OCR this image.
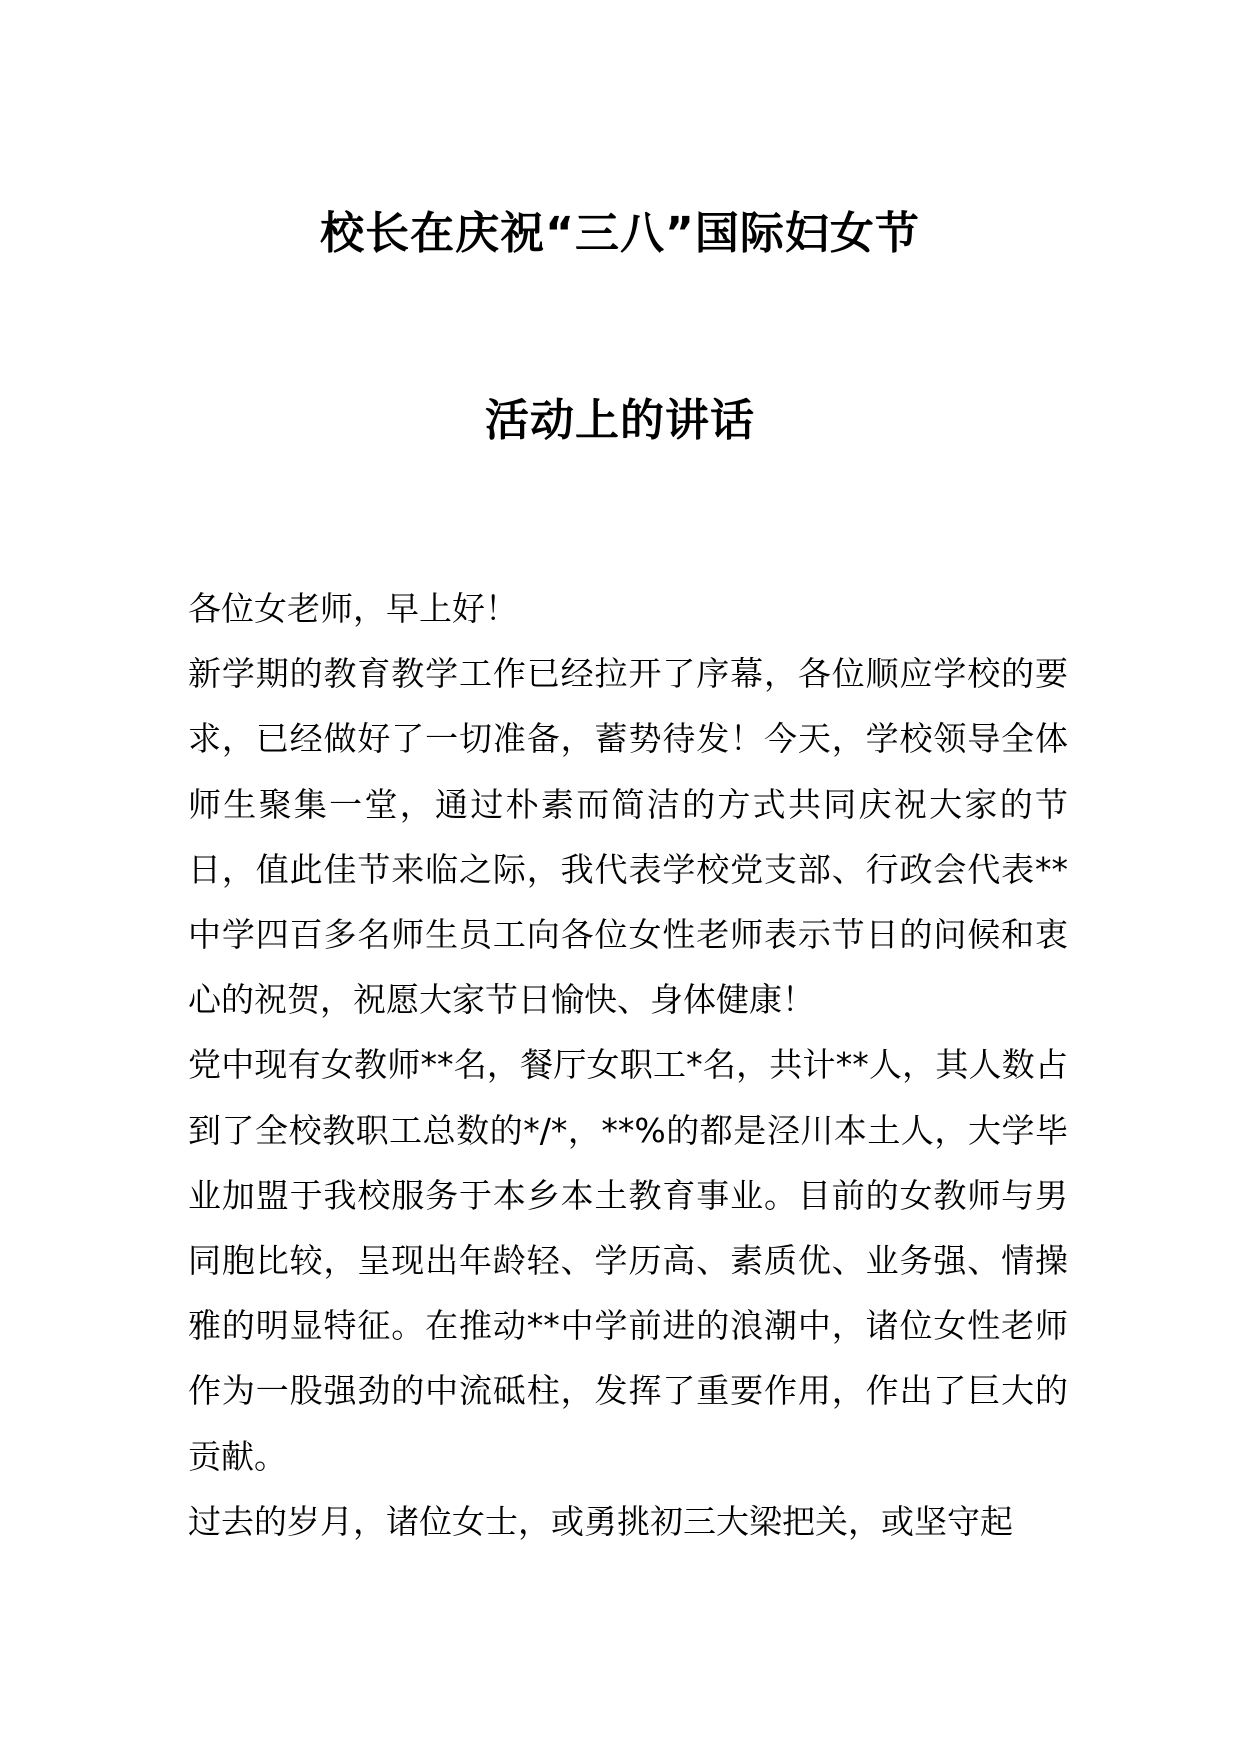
校长在庆祝“三八”国际妇女节
活动上的讲话

各位女老师，早上好！

新学期的教育教学工作已经拉开了序幕，各位顺应学校的要求，已经做好了一切准备，蓄势待发！今天，学校领导全体师生聚集一堂，通过朴素而简洁的方式共同庆祝大家的节日，值此佳节来临之际，我代表学校党支部、行政会代表**中学四百多名师生员工向各位女性老师表示节日的问候和衷心的祝贺，祝愿大家节日愉快、身体健康！

党中现有女教师**名，餐厅女职工*名，共计**人，其人数占到了全校教职工总数的*/*，**%的都是泾川本土人，大学毕业加盟于我校服务于本乡本土教育事业。目前的女教师与男同胞比较，呈现出年龄轻、学历高、素质优、业务强、情操雅的明显特征。在推动**中学前进的浪潮中，诸位女性老师作为一股强劲的中流砥柱，发挥了重要作用，作出了巨大的贡献。

过去的岁月，诸位女士，或勇挑初三大梁把关，或坚守起
